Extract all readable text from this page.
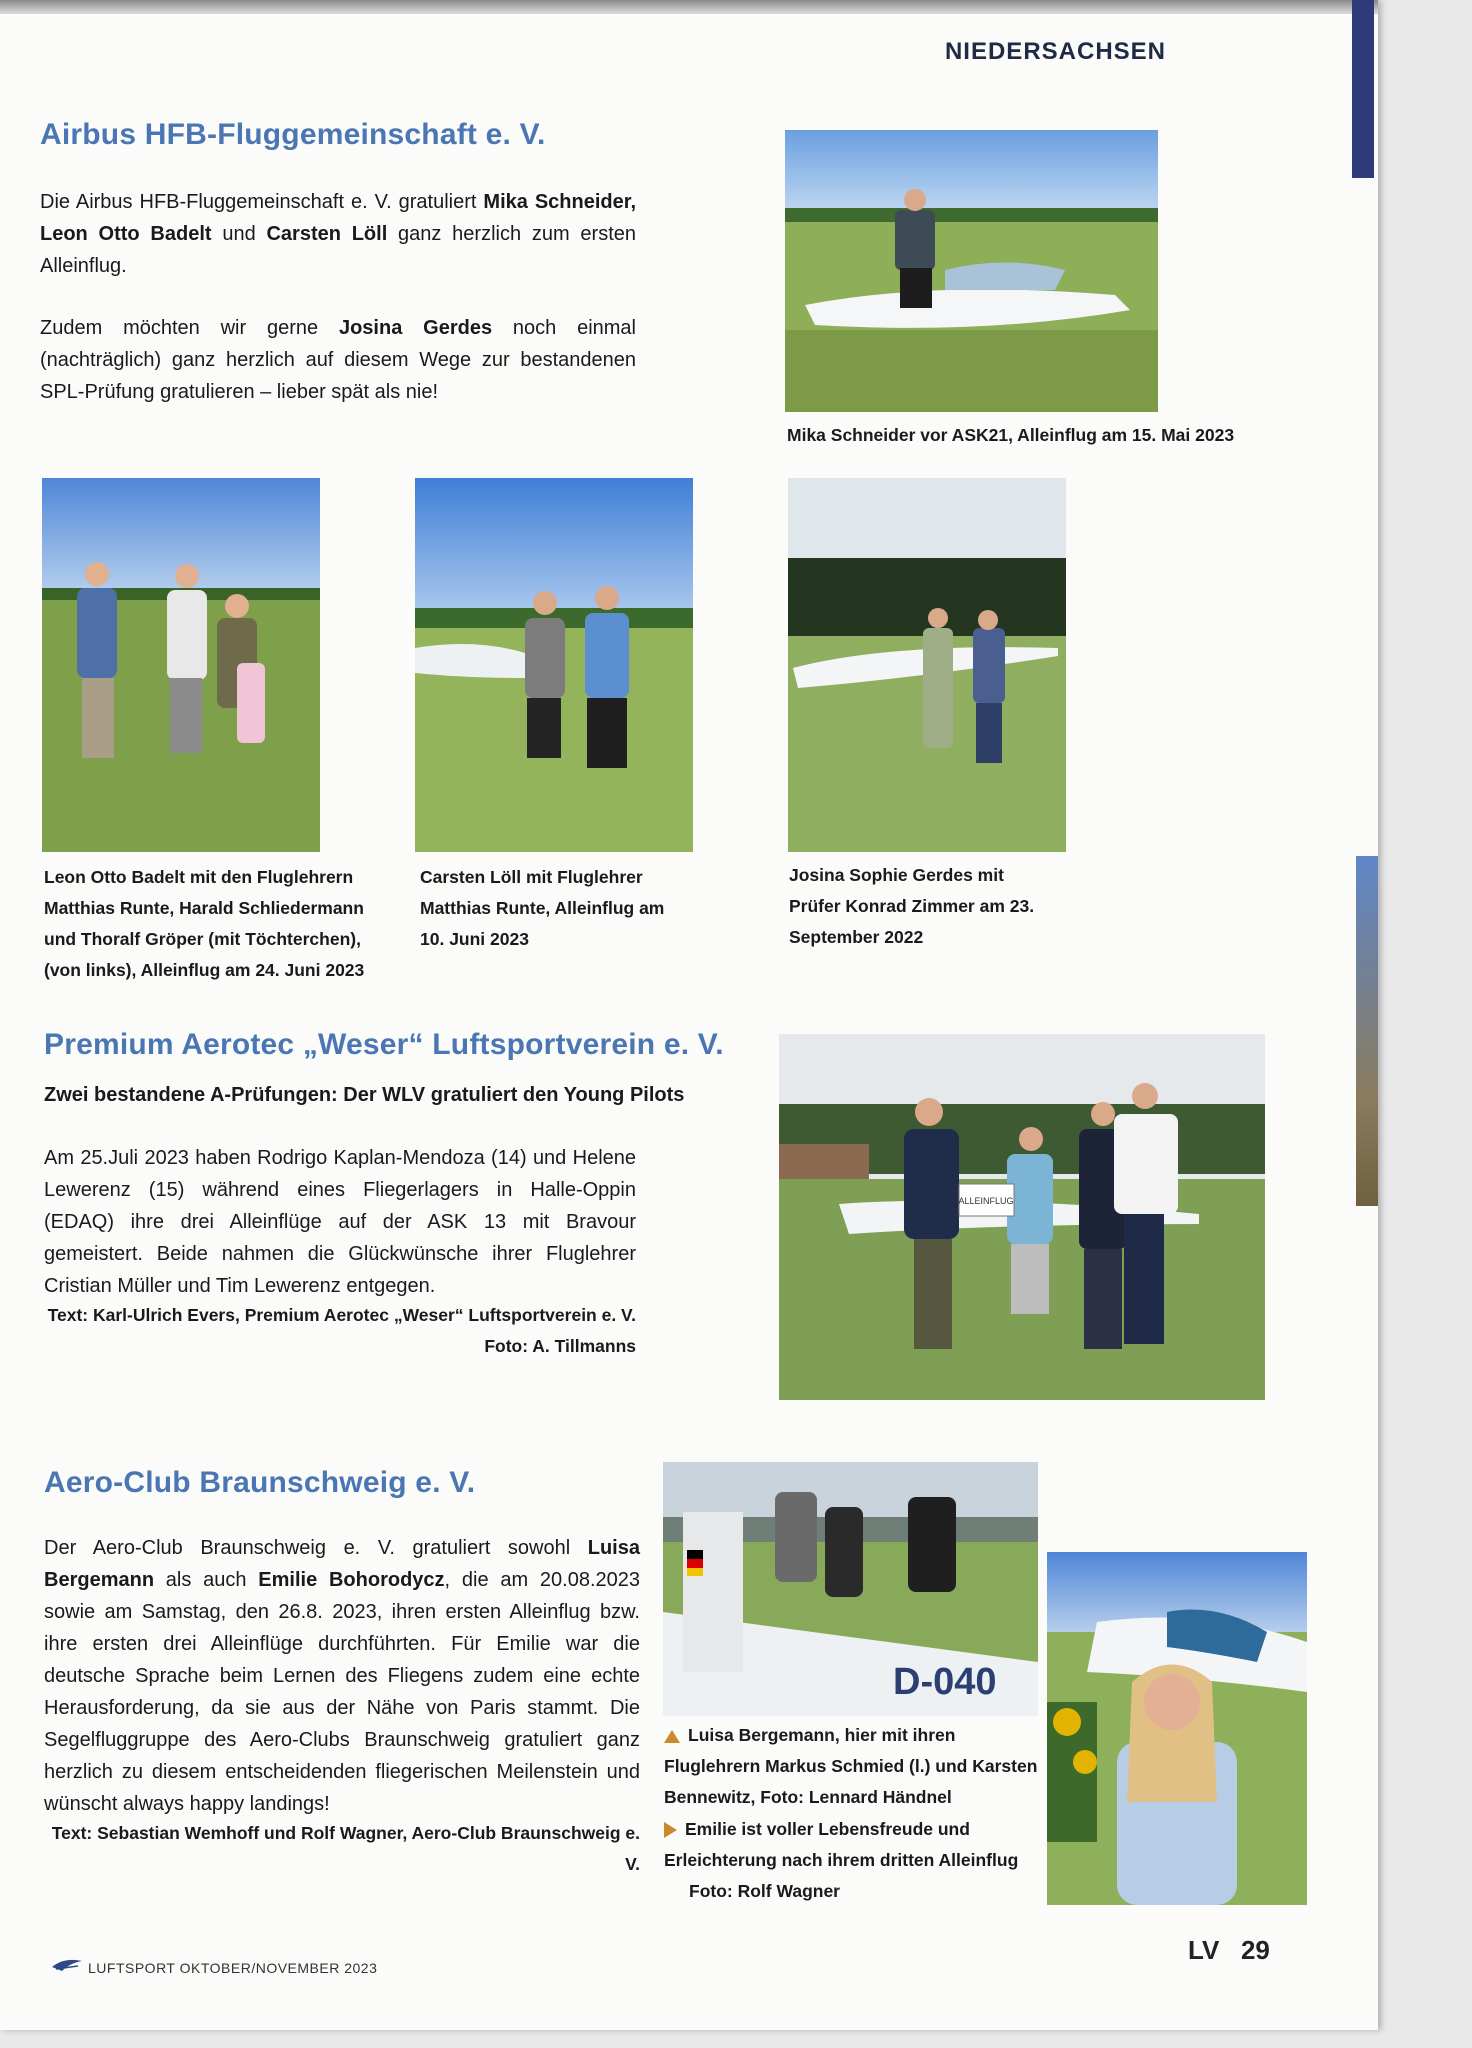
NIEDERSACHSEN
Airbus HFB-Fluggemeinschaft e. V.

Die Airbus HFB-Fluggemeinschaft e. V. gratuliert Mika Schneider, Leon Otto Badelt und Carsten Löll ganz herzlich zum ersten Alleinflug.

Zudem möchten wir gerne Josina Gerdes noch einmal (nachträglich) ganz herzlich auf diesem Wege zur bestandenen SPL-Prüfung gratulieren – lieber spät als nie!

Mika Schneider vor ASK21, Alleinflug am 15. Mai 2023

Leon Otto Badelt mit den Fluglehrern Matthias Runte, Harald Schliedermann und Thoralf Gröper (mit Töchterchen), (von links), Alleinflug am 24. Juni 2023

Carsten Löll mit Fluglehrer Matthias Runte, Alleinflug am 10. Juni 2023

Josina Sophie Gerdes mit Prüfer Konrad Zimmer am 23. September 2022

Premium Aerotec „Weser“ Luftsportverein e. V.

Zwei bestandene A-Prüfungen: Der WLV gratuliert den Young Pilots

Am 25.Juli 2023 haben Rodrigo Kaplan-Mendoza (14) und Helene Lewerenz (15) während eines Fliegerlagers in Halle-Oppin (EDAQ) ihre drei Alleinflüge auf der ASK 13 mit Bravour gemeistert. Beide nahmen die Glückwünsche ihrer Fluglehrer Cristian Müller und Tim Lewerenz entgegen.

Text: Karl-Ulrich Evers, Premium Aerotec „Weser“ Luftsportverein e. V.

Foto: A. Tillmanns

ALLEINFLUG
Aero-Club Braunschweig e. V.

Der Aero-Club Braunschweig e. V. gratuliert sowohl Luisa Bergemann als auch Emilie Bohorodycz, die am 20.08.2023 sowie am Samstag, den 26.8. 2023, ihren ersten Alleinflug bzw. ihre ersten drei Alleinflüge durchführten. Für Emilie war die deutsche Sprache beim Lernen des Fliegens zudem eine echte Herausforderung, da sie aus der Nähe von Paris stammt. Die Segelfluggruppe des Aero-Clubs Braunschweig gratuliert ganz herzlich zu diesem entscheidenden fliegerischen Meilenstein und wünscht always happy landings!

Text: Sebastian Wemhoff und Rolf Wagner, Aero-Club Braunschweig e. V.

D-040

Luisa Bergemann, hier mit ihren Fluglehrern Markus Schmied (l.) und Karsten Bennewitz, Foto: Lennard Händnel

Emilie ist voller Lebensfreude und Erleichterung nach ihrem dritten Alleinflug

Foto: Rolf Wagner

LUFTSPORT OKTOBER/NOVEMBER 2023
LV 29
